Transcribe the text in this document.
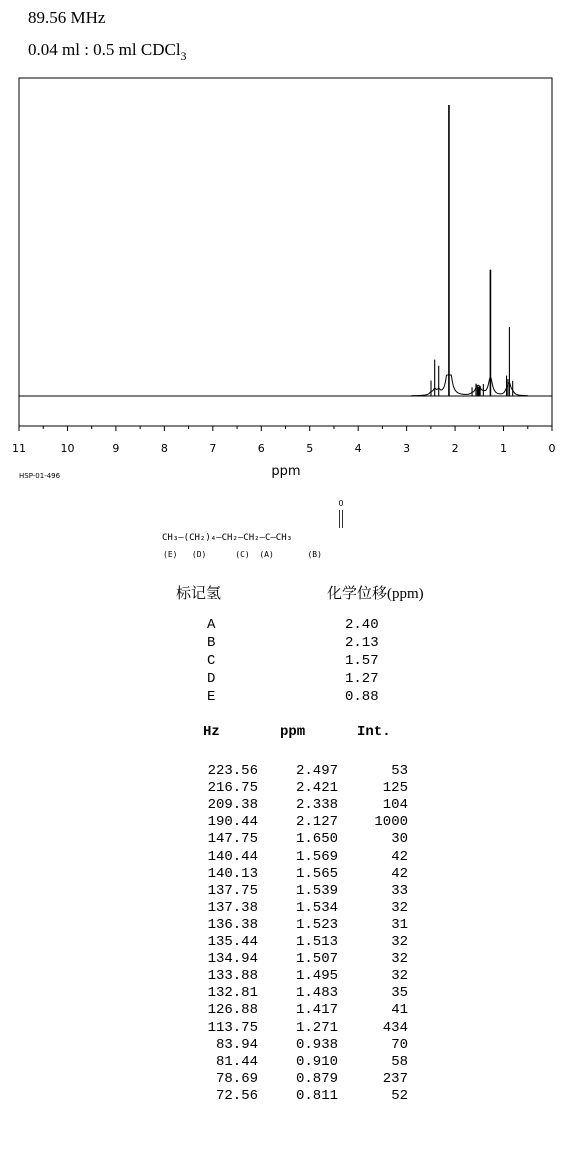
89.56 MHz
0.04 ml : 0.5 ml CDCl$_3$
11	10	9	8	7	6	5	4	3	2	1	0
ppm
HSP-01-496
O
CH₃—(CH₂)₄—CH₂—CH₂—C—CH₃
(E)   (D)      (C)  (A)       (B)
标记氢	化学位移(ppm)
A	2.40
B	2.13
C	1.57
D	1.27
E	0.88
Hz	ppm	Int.
223.56	2.497	53
216.75	2.421	125
209.38	2.338	104
190.44	2.127	1000
147.75	1.650	30
140.44	1.569	42
140.13	1.565	42
137.75	1.539	33
137.38	1.534	32
136.38	1.523	31
135.44	1.513	32
134.94	1.507	32
133.88	1.495	32
132.81	1.483	35
126.88	1.417	41
113.75	1.271	434
83.94	0.938	70
81.44	0.910	58
78.69	0.879	237
72.56	0.811	52
